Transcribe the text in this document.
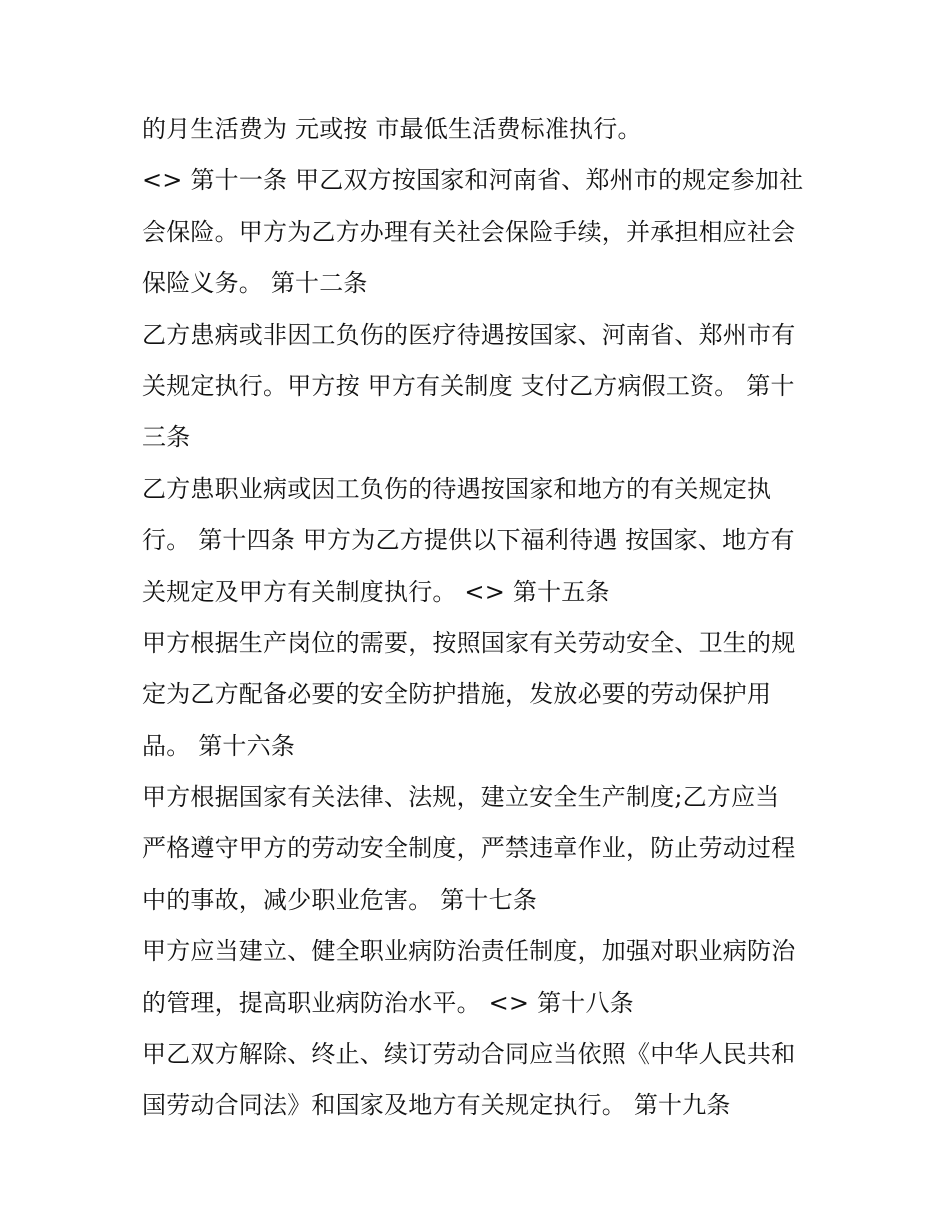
的月生活费为 元或按 市最低生活费标准执行。
<> 第十一条 甲乙双方按国家和河南省、郑州市的规定参加社
会保险。甲方为乙方办理有关社会保险手续，并承担相应社会
保险义务。 第十二条
乙方患病或非因工负伤的医疗待遇按国家、河南省、郑州市有
关规定执行。甲方按 甲方有关制度 支付乙方病假工资。 第十
三条
乙方患职业病或因工负伤的待遇按国家和地方的有关规定执
行。 第十四条 甲方为乙方提供以下福利待遇 按国家、地方有
关规定及甲方有关制度执行。 <> 第十五条
甲方根据生产岗位的需要，按照国家有关劳动安全、卫生的规
定为乙方配备必要的安全防护措施，发放必要的劳动保护用
品。 第十六条
甲方根据国家有关法律、法规，建立安全生产制度;乙方应当
严格遵守甲方的劳动安全制度，严禁违章作业，防止劳动过程
中的事故，减少职业危害。 第十七条
甲方应当建立、健全职业病防治责任制度，加强对职业病防治
的管理，提高职业病防治水平。 <> 第十八条
甲乙双方解除、终止、续订劳动合同应当依照《中华人民共和
国劳动合同法》和国家及地方有关规定执行。 第十九条
